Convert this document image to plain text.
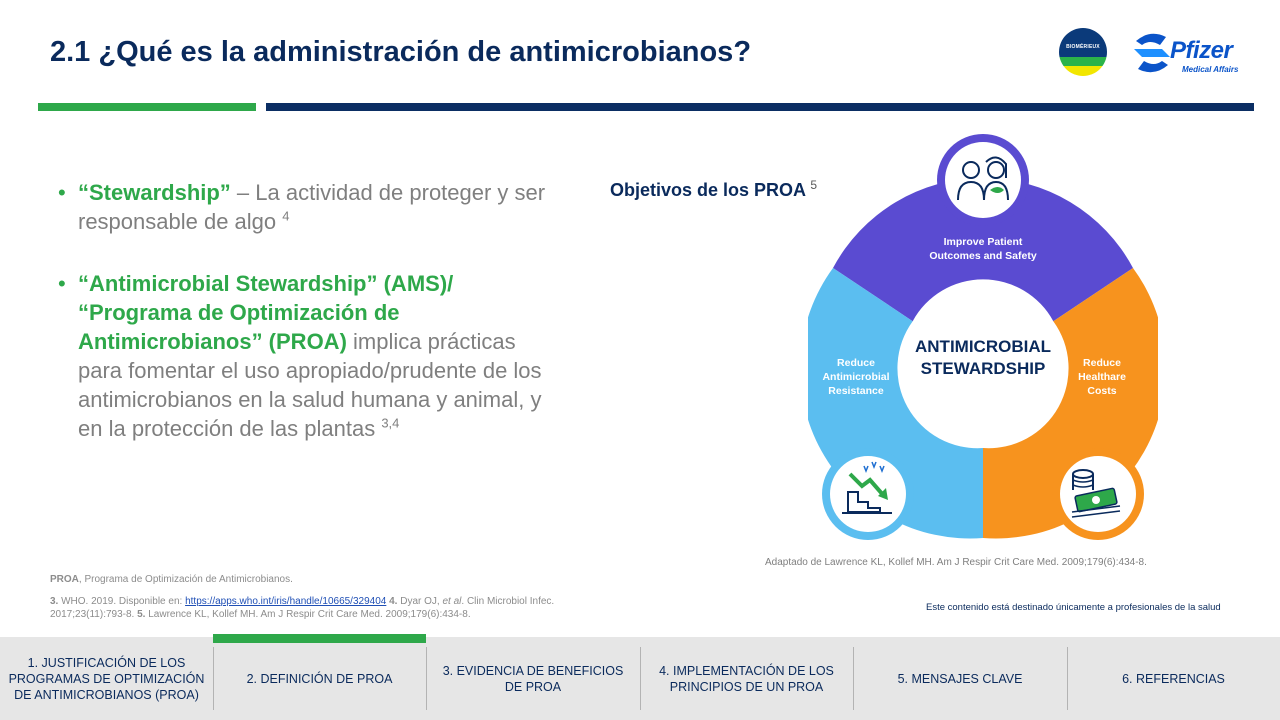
2.1 ¿Qué es la administración de antimicrobianos?	BIOMÉRIEUX	Pfizer
Medical Affairs
• “Stewardship” – La actividad de proteger y ser responsable de algo $^4$
• “Antimicrobial Stewardship” (AMS)/ “Programa de Optimización de Antimicrobianos” (PROA) implica prácticas para fomentar el uso apropiado/prudente de los antimicrobianos en la salud humana y animal, y en la protección de las plantas $^{3,4}$
Objetivos de los PROA $^5$
ANTIMICROBIAL
STEWARDSHIP
Improve Patient
Outcomes and Safety
Reduce
Antimicrobial
Resistance
Reduce
Healthare
Costs
Adaptado de Lawrence KL, Kollef MH. Am J Respir Crit Care Med. 2009;179(6):434-8.

PROA, Programa de Optimización de Antimicrobianos.

3. WHO. 2019. Disponible en: https://apps.who.int/iris/handle/10665/329404 4. Dyar OJ, et al. Clin Microbiol Infec. 2017;23(11):793-8. 5. Lawrence KL, Kollef MH. Am J Respir Crit Care Med. 2009;179(6):434-8.

Este contenido está destinado únicamente a profesionales de la salud
1. JUSTIFICACIÓN DE LOS PROGRAMAS DE OPTIMIZACIÓN DE ANTIMICROBIANOS (PROA)
2. DEFINICIÓN DE PROA
3. EVIDENCIA DE BENEFICIOS DE PROA
4. IMPLEMENTACIÓN DE LOS PRINCIPIOS DE UN PROA
5. MENSAJES CLAVE	6. REFERENCIAS
